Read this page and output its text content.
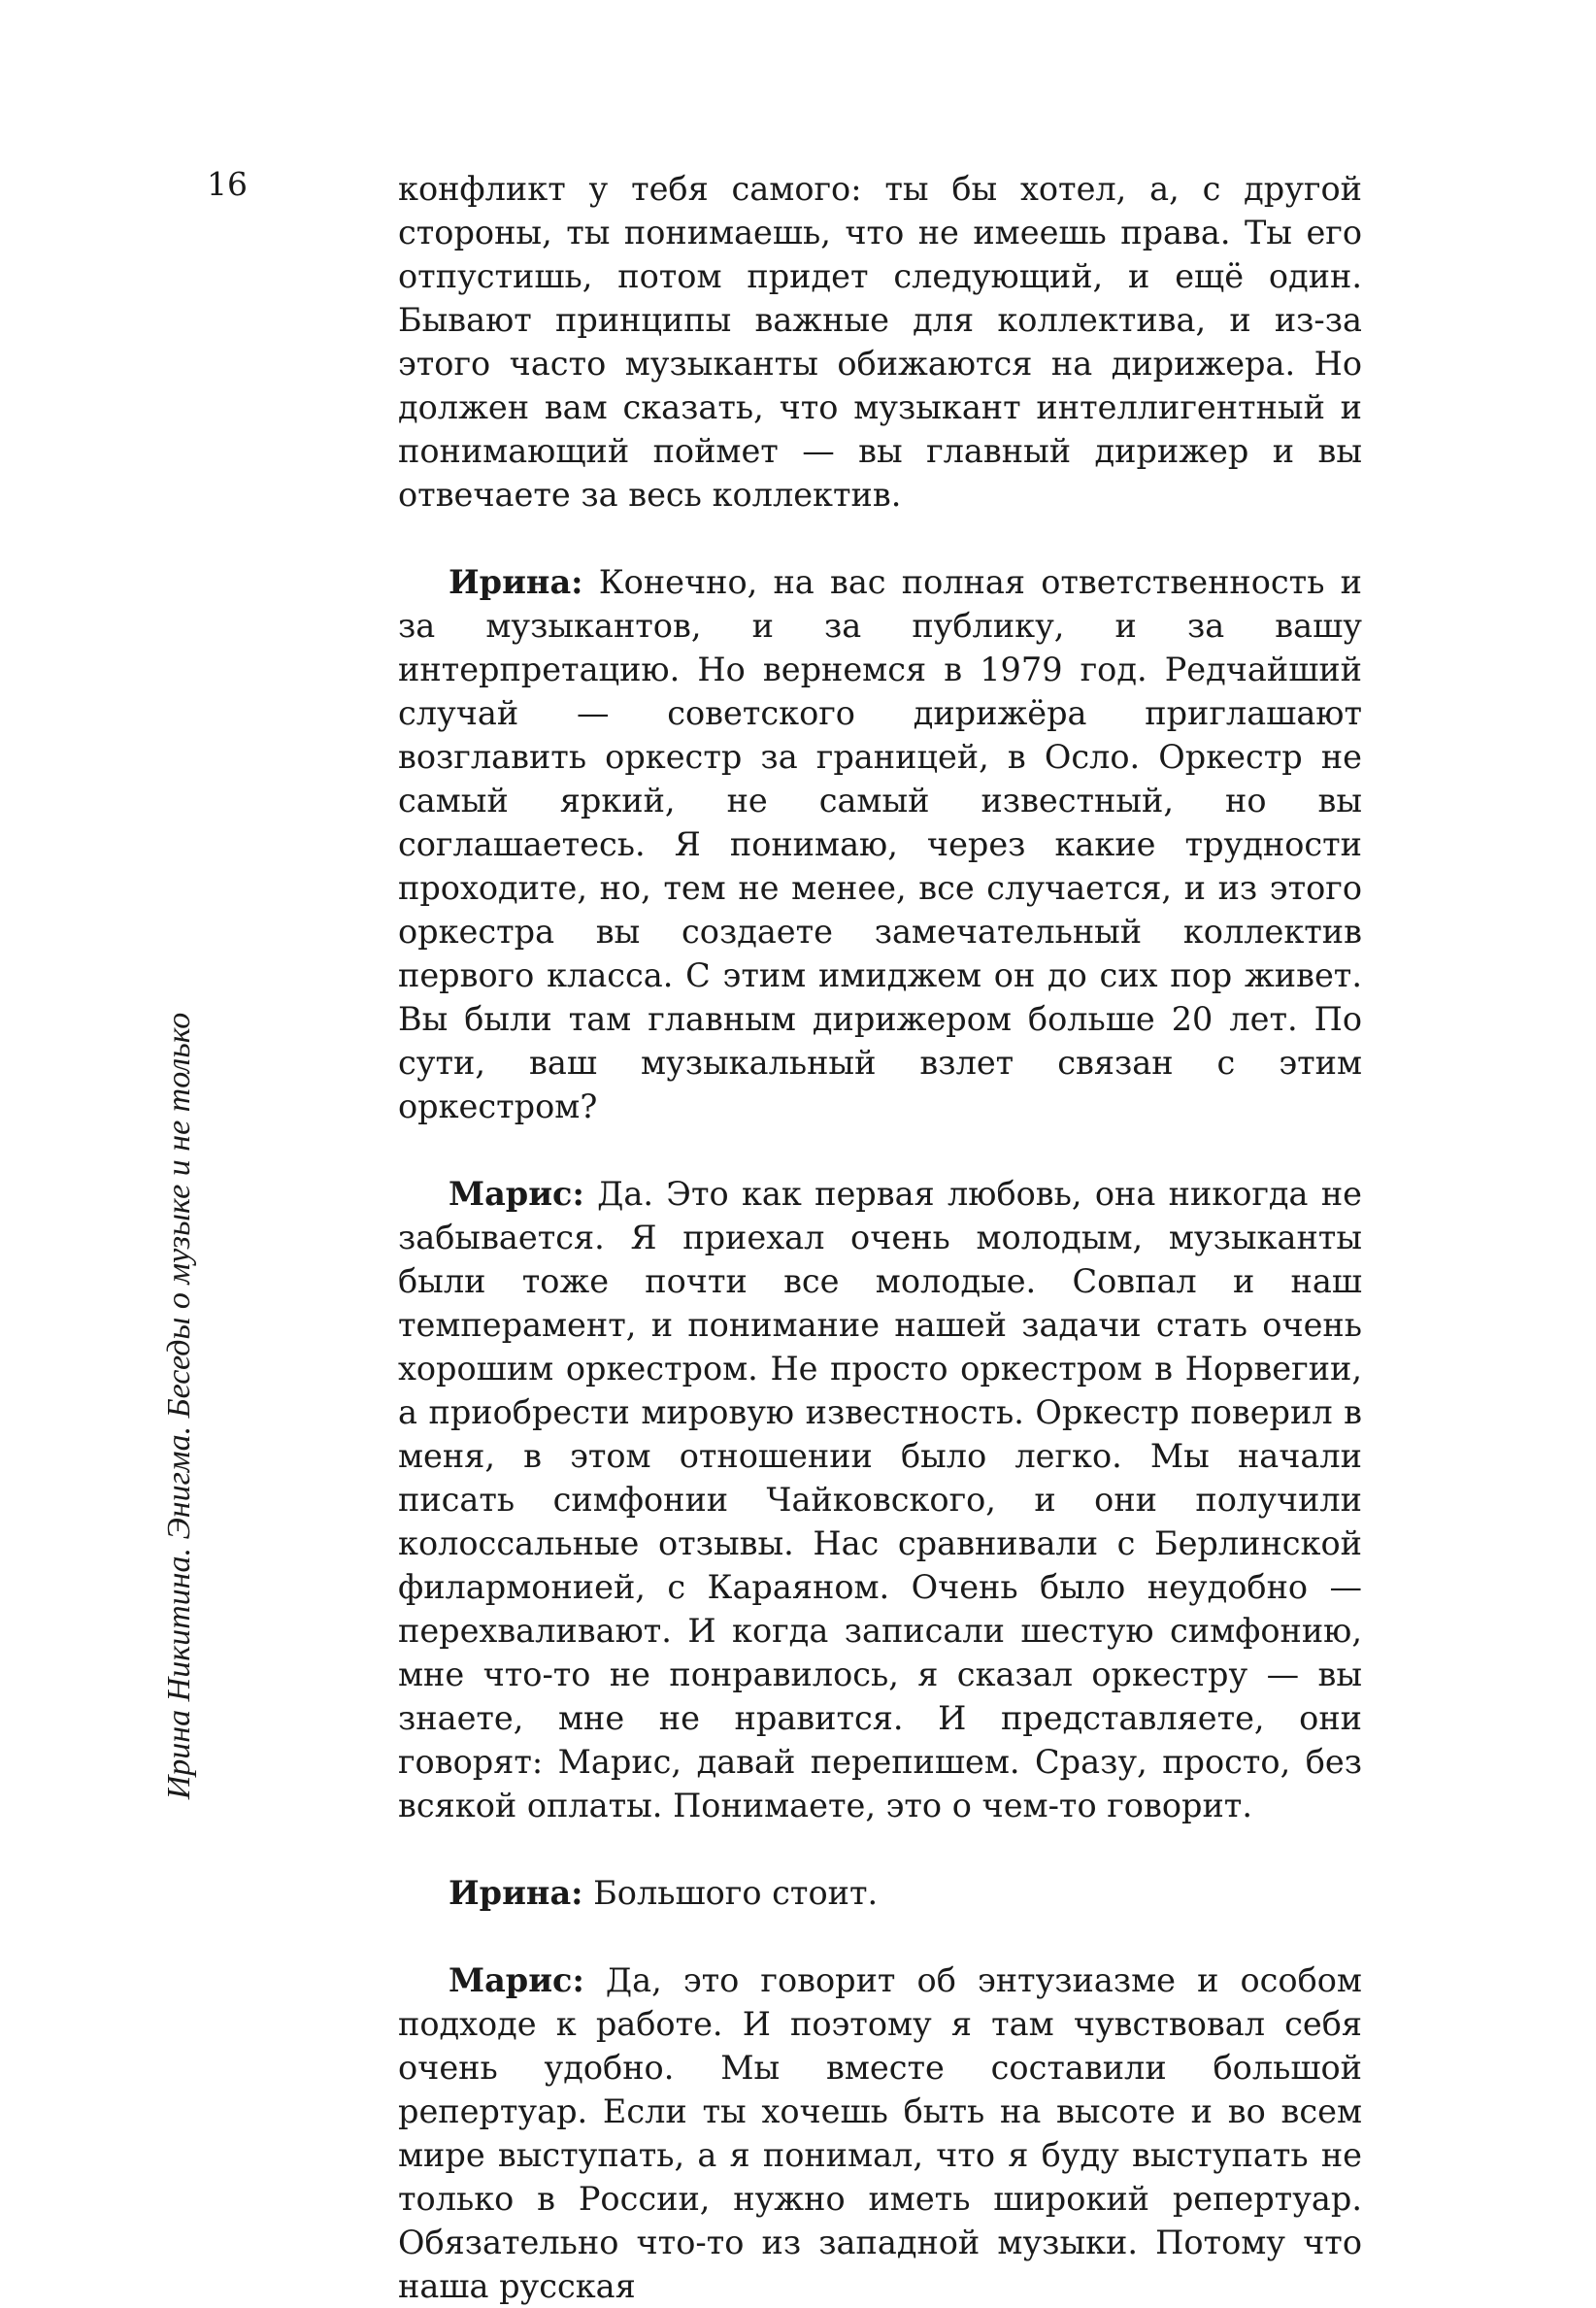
16
Ирина Никитина. Энигма. Беседы о музыке и не только

конфликт у тебя самого: ты бы хотел, а, с другой стороны, ты понимаешь, что не имеешь права. Ты его отпустишь, потом придет следующий, и ещё один. Бывают принципы важные для коллектива, и из-за этого часто музыканты обижаются на дирижера. Но должен вам сказать, что музыкант интеллигентный и понимающий поймет — вы главный дирижер и вы отвечаете за весь коллектив.

Ирина: Конечно, на вас полная ответственность и за музыкантов, и за публику, и за вашу интерпретацию. Но вернемся в 1979 год. Редчайший случай — советского дирижёра приглашают возглавить оркестр за границей, в Осло. Оркестр не самый яркий, не самый известный, но вы соглашаетесь. Я понимаю, через какие трудности проходите, но, тем не менее, все случается, и из этого оркестра вы создаете замечательный коллектив первого класса. С этим имиджем он до сих пор живет. Вы были там главным дирижером больше 20 лет. По сути, ваш музыкальный взлет связан с этим оркестром?

Марис: Да. Это как первая любовь, она никогда не забывается. Я приехал очень молодым, музыканты были тоже почти все молодые. Совпал и наш темперамент, и понимание нашей задачи стать очень хорошим оркестром. Не просто оркестром в Норвегии, а приобрести мировую известность. Оркестр поверил в меня, в этом отношении было легко. Мы начали писать симфонии Чайковского, и они получили колоссальные отзывы. Нас сравнивали с Берлинской филармонией, с Караяном. Очень было неудобно — перехваливают. И когда записали шестую симфонию, мне что-то не понравилось, я сказал оркестру — вы знаете, мне не нравится. И представляете, они говорят: Марис, давай перепишем. Сразу, просто, без всякой оплаты. Понимаете, это о чем-то говорит.

Ирина: Большого стоит.

Марис: Да, это говорит об энтузиазме и особом подходе к работе. И поэтому я там чувствовал себя очень удобно. Мы вместе составили большой репертуар. Если ты хочешь быть на высоте и во всем мире выступать, а я понимал, что я буду выступать не только в России, нужно иметь широкий репертуар. Обязательно что-то из западной музыки. Потому что наша русская
